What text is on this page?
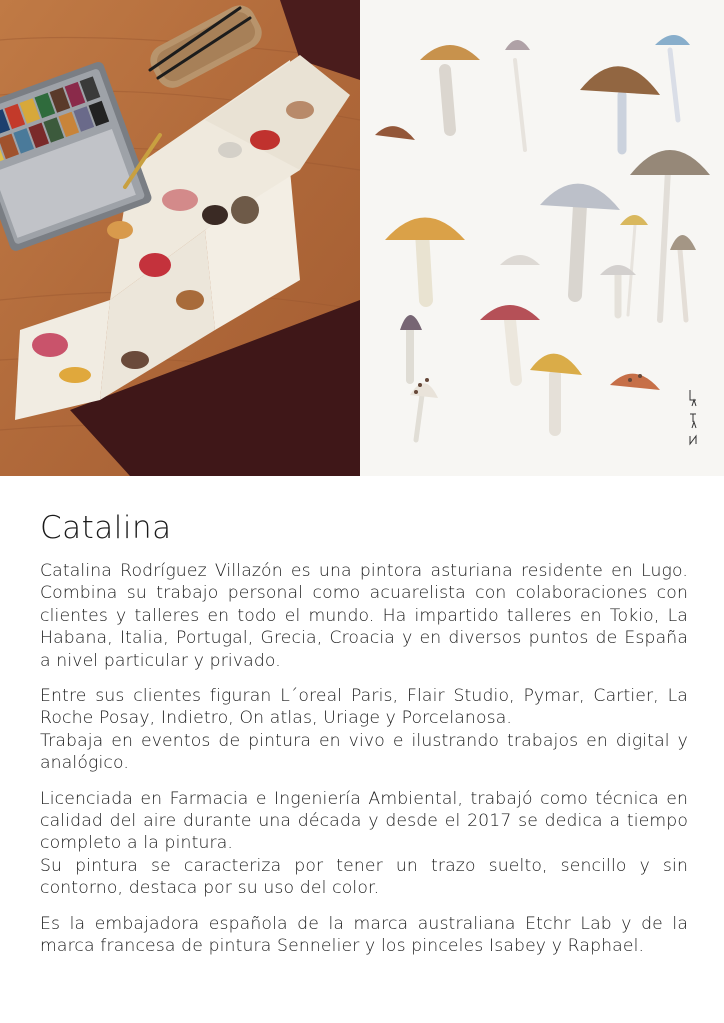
Catalina

Catalina Rodríguez Villazón es una pintora asturiana residente en Lugo. Combina su trabajo personal como acuarelista con colaboraciones con clientes y talleres en todo el mundo. Ha impartido talleres en Tokio, La Habana, Italia, Portugal, Grecia, Croacia y en diversos puntos de España a nivel particular y privado.

Entre sus clientes figuran L´oreal Paris, Flair Studio, Pymar, Cartier, La Roche Posay, Indietro, On atlas, Uriage y Porcelanosa.

Trabaja en eventos de pintura en vivo e ilustrando trabajos en digital y analógico.

Licenciada en Farmacia e Ingeniería Ambiental, trabajó como técnica en calidad del aire durante una década y desde el 2017 se dedica a tiempo completo a la pintura.

Su pintura se caracteriza por tener un trazo suelto, sencillo y sin contorno, destaca por su uso del color.

Es la embajadora española de la marca australiana Etchr Lab y de la marca francesa de pintura Sennelier y los pinceles Isabey y Raphael.
